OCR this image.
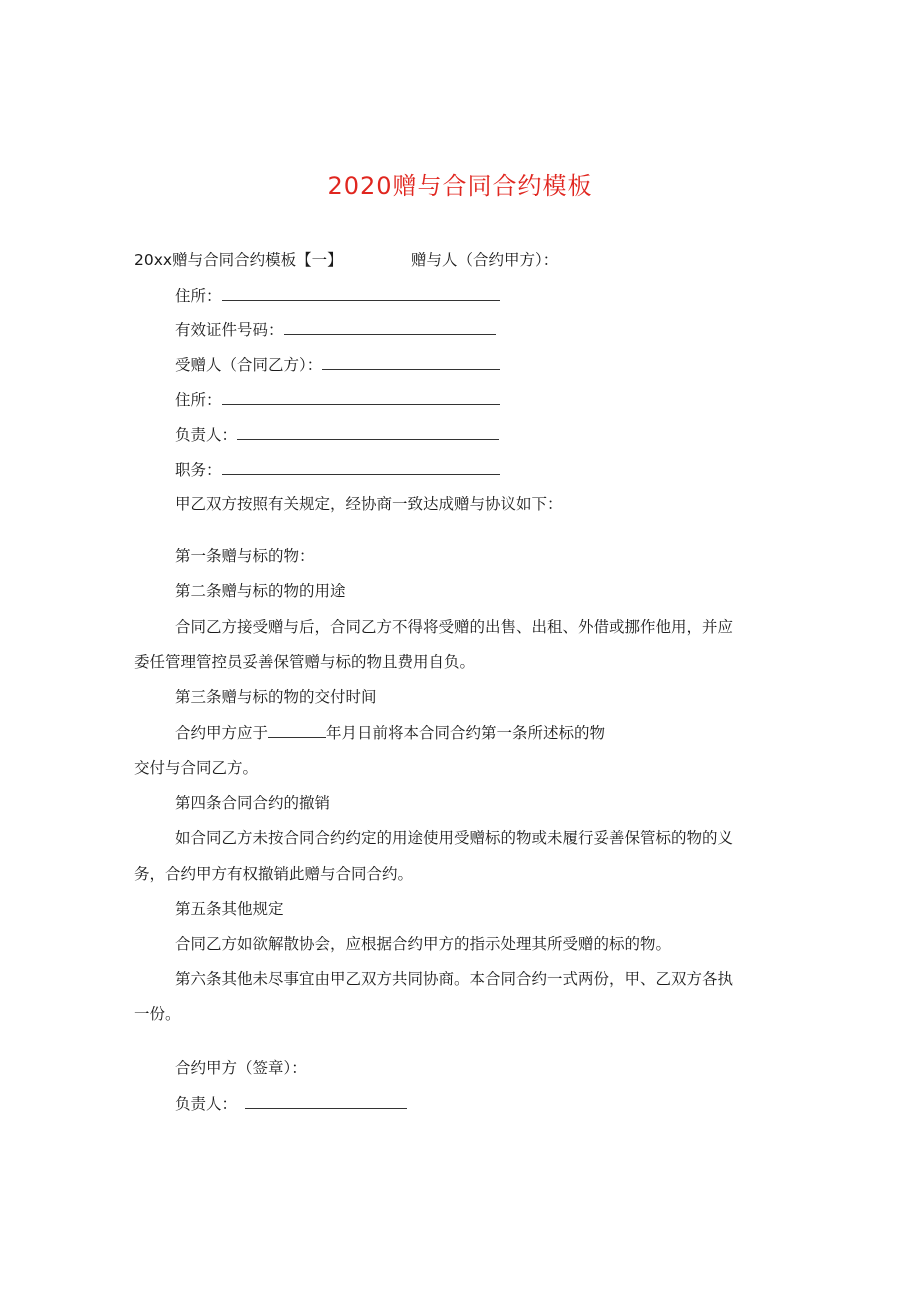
2020赠与合同合约模板
20xx赠与合同合约模板【一】	赠与人（合约甲方）：
住所：
有效证件号码：
受赠人（合同乙方）：
住所：
负责人：
职务：
甲乙双方按照有关规定，经协商一致达成赠与协议如下：
第一条赠与标的物：
第二条赠与标的物的用途
合同乙方接受赠与后，合同乙方不得将受赠的出售、出租、外借或挪作他用，并应
委任管理管控员妥善保管赠与标的物且费用自负。
第三条赠与标的物的交付时间
合约甲方应于	年月日前将本合同合约第一条所述标的物
交付与合同乙方。
第四条合同合约的撤销
如合同乙方未按合同合约约定的用途使用受赠标的物或未履行妥善保管标的物的义
务，合约甲方有权撤销此赠与合同合约。
第五条其他规定
合同乙方如欲解散协会，应根据合约甲方的指示处理其所受赠的标的物。
第六条其他未尽事宜由甲乙双方共同协商。本合同合约一式两份，甲、乙双方各执
一份。
合约甲方（签章）：
负责人：
